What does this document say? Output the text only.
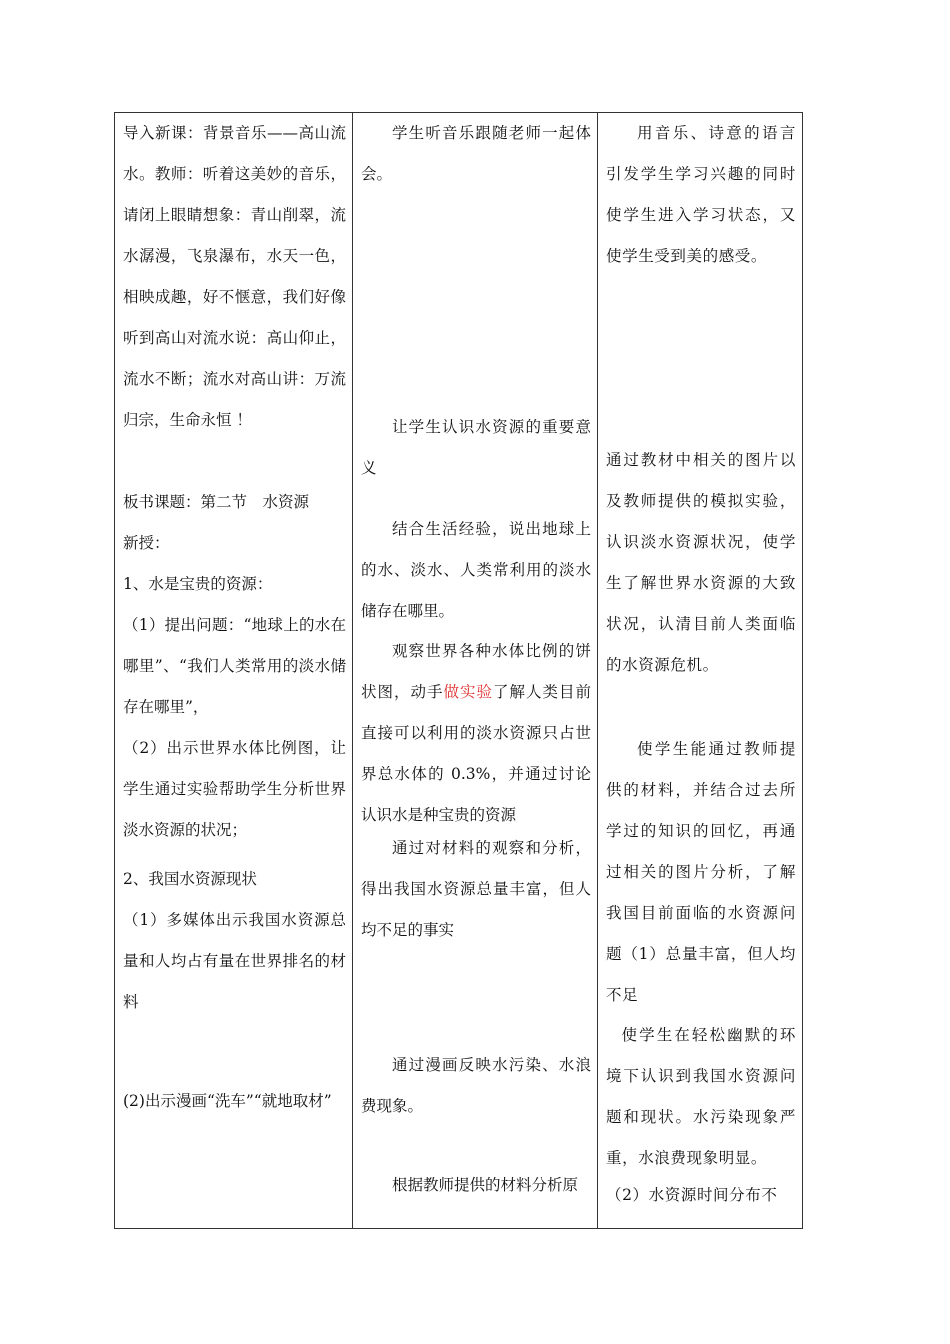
导入新课：背景音乐——高山流水。教师：听着这美妙的音乐，请闭上眼睛想象：青山削翠，流水潺漫，飞泉瀑布，水天一色，相映成趣，好不惬意，我们好像听到高山对流水说：高山仰止，流水不断；流水对高山讲：万流归宗，生命永恒 ！

板书课题：第二节　水资源

新授：

1、水是宝贵的资源：

（1）提出问题：“地球上的水在哪里”、“我们人类常用的淡水储存在哪里”，

（2）出示世界水体比例图，让学生通过实验帮助学生分析世界淡水资源的状况；

2、我国水资源现状

（1）多媒体出示我国水资源总量和人均占有量在世界排名的材料

(2)出示漫画“洗车”“就地取材”

学生听音乐跟随老师一起体会。

让学生认识水资源的重要意义

结合生活经验，说出地球上的水、淡水、人类常利用的淡水储存在哪里。

观察世界各种水体比例的饼状图，动手做实验了解人类目前直接可以利用的淡水资源只占世界总水体的 0.3%，并通过讨论认识水是种宝贵的资源

通过对材料的观察和分析，得出我国水资源总量丰富，但人均不足的事实

通过漫画反映水污染、水浪费现象。

根据教师提供的材料分析原

用音乐、诗意的语言引发学生学习兴趣的同时使学生进入学习状态，又使学生受到美的感受。

通过教材中相关的图片以及教师提供的模拟实验，认识淡水资源状况，使学生了解世界水资源的大致状况，认清目前人类面临的水资源危机。

使学生能通过教师提供的材料，并结合过去所学过的知识的回忆，再通过相关的图片分析，了解我国目前面临的水资源问题（1）总量丰富，但人均不足

使学生在轻松幽默的环境下认识到我国水资源问题和现状。水污染现象严重，水浪费现象明显。

（2）水资源时间分布不
